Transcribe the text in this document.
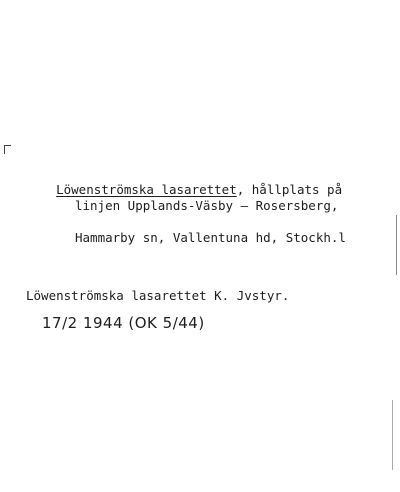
Löwenströmska lasarettet, hållplats på

linjen Upplands-Väsby – Rosersberg,
Hammarby sn, Vallentuna hd, Stockh.l
Löwenströmska lasarettet K. Jvstyr.
17/2 1944 (OK 5/44)
